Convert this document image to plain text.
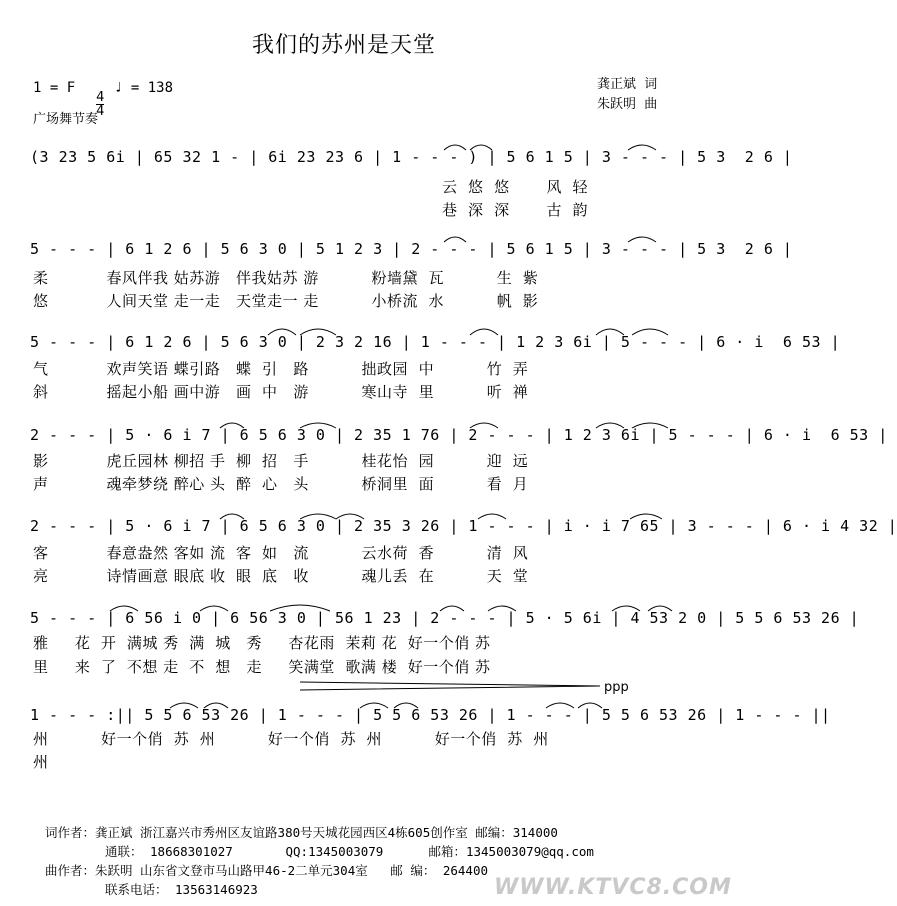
我们的苏州是天堂
1 = F

$\frac{4}{4}$

♩ = 138
广场舞节奏
龚正斌 词
朱跃明 曲
(3 23 5 6i | 65 32 1 - | 6i 23 23 6 | 1 - - - ) | 5 6 1 5 | 3 - - - | 5 3  2 6 |
云  悠  悠       风  轻
巷  深  深       古  韵
5 - - - | 6 1 2 6 | 5 6 3 0 | 5 1 2 3 | 2 - - - | 5 6 1 5 | 3 - - - | 5 3  2 6 |
柔           春风伴我 姑苏游   伴我姑苏 游          粉墙黛  瓦          生  紫
悠           人间天堂 走一走   天堂走一 走          小桥流  水          帆  影
5 - - - | 6 1 2 6 | 5 6 3 0 | 2 3 2 16 | 1 - - - | 1 2 3 6i | 5 - - - | 6 · i  6 53 |
气           欢声笑语 蝶引路   蝶  引   路          拙政园  中          竹  弄
斜           摇起小船 画中游   画  中   游          寒山寺  里          听  禅
2 - - - | 5 · 6 i 7 | 6 5 6 3 0 | 2 35 1 76 | 2 - - - | 1 2 3 6i | 5 - - - | 6 · i  6 53 |
影           虎丘园林 柳招 手  柳  招   手          桂花怡  园          迎  远
声           魂牵梦绕 醉心 头  醉  心   头          桥洞里  面          看  月
2 - - - | 5 · 6 i 7 | 6 5 6 3 0 | 2 35 3 26 | 1 - - - | i · i 7 65 | 3 - - - | 6 · i 4 32 |
客           春意盎然 客如 流  客  如   流          云水荷  香          清  风
亮           诗情画意 眼底 收  眼  底   收          魂儿丢  在          天  堂
5 - - - | 6 56 i 0 | 6 56 3 0 | 56 1 23 | 2 - - - | 5 · 5 6i | 4 53 2 0 | 5 5 6 53 26 |
雅     花  开  满城 秀  满  城   秀     杏花雨  茉莉 花  好一个俏 苏
里     来  了  不想 走  不  想   走     笑满堂  歌满 楼  好一个俏 苏
ppp
1 - - - :|| 5 5 6 53 26 | 1 - - - | 5 5 6 53 26 | 1 - - - | 5 5 6 53 26 | 1 - - - ||
州          好一个俏  苏  州          好一个俏  苏  州          好一个俏  苏  州
州
词作者：龚正斌 浙江嘉兴市秀州区友谊路380号天城花园西区4栋605创作室 邮编：314000
通联： 18668301027       QQ:1345003079      邮箱：1345003079@qq.com
曲作者：朱跃明 山东省文登市马山路甲46-2二单元304室   邮 编： 264400
联系电话： 13563146923	WWW.KTVC8.COM
